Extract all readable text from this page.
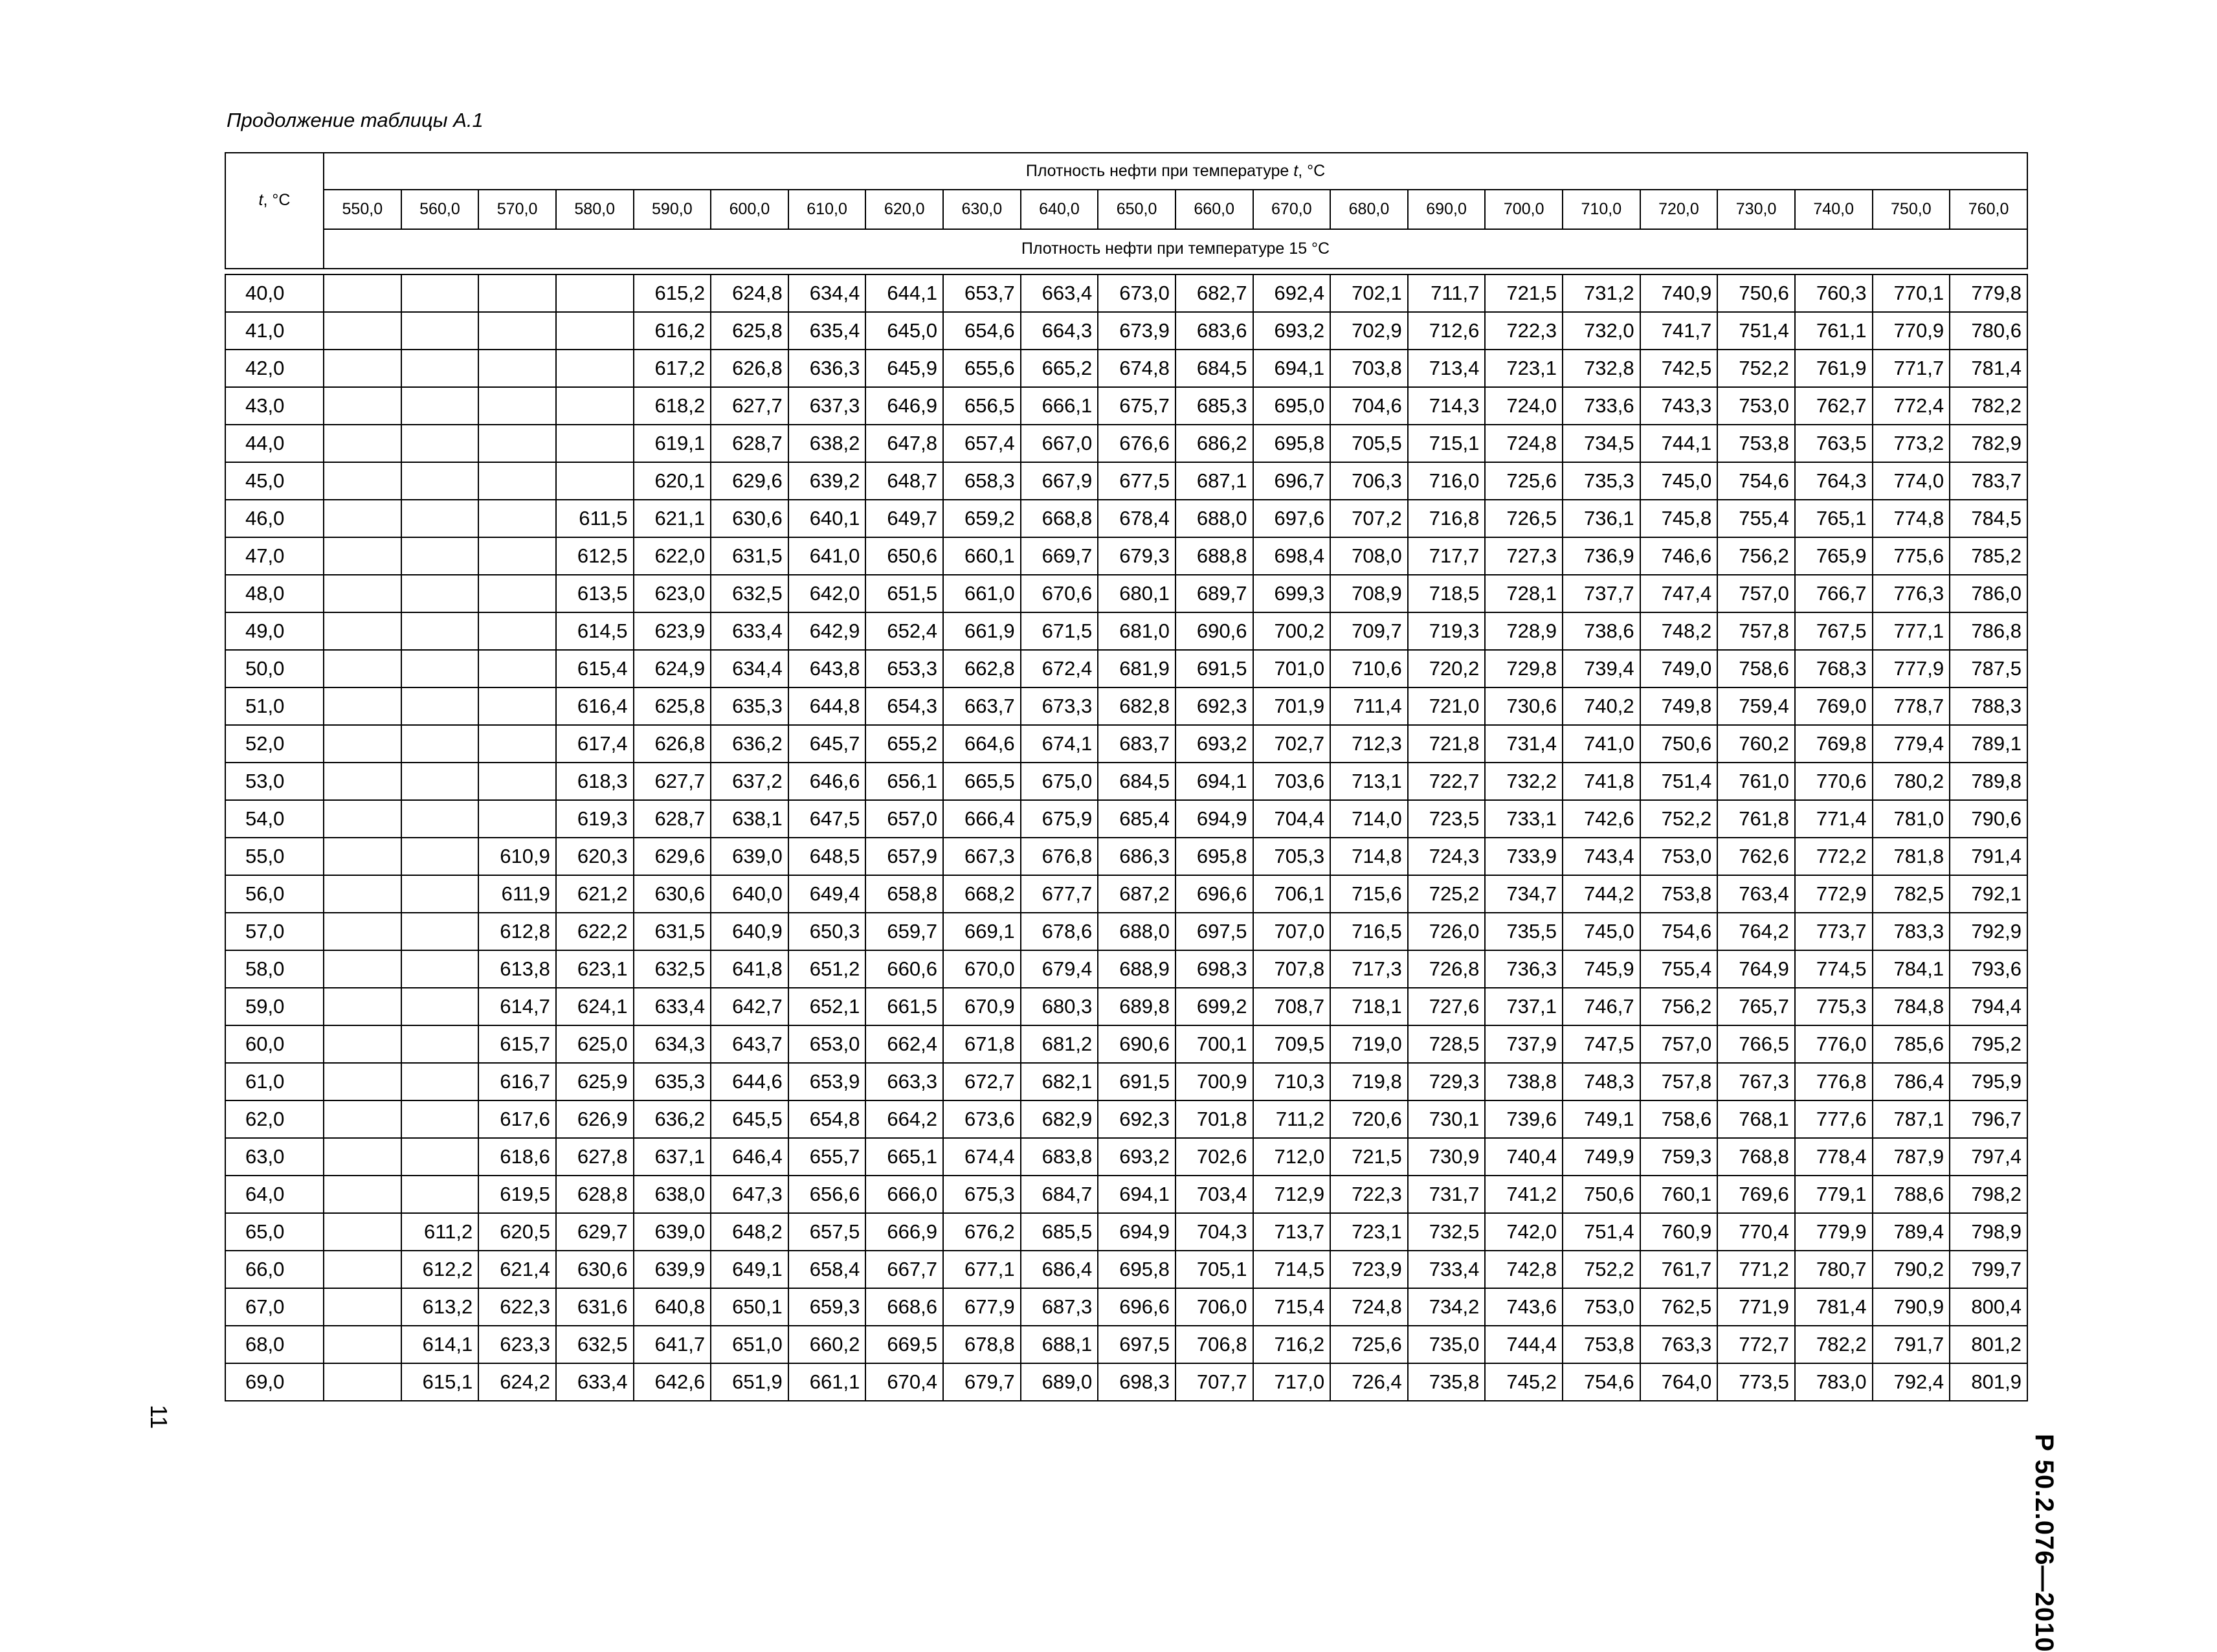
Продолжение таблицы А.1
t, °C	Плотность нефти при температуре t, °C																					
	550,0	560,0	570,0	580,0	590,0	600,0	610,0	620,0	630,0	640,0	650,0	660,0	670,0	680,0	690,0	700,0	710,0	720,0	730,0	740,0	750,0	760,0
	Плотность нефти при температуре 15 °C																					

40,0					615,2	624,8	634,4	644,1	653,7	663,4	673,0	682,7	692,4	702,1	711,7	721,5	731,2	740,9	750,6	760,3	770,1	779,8
41,0					616,2	625,8	635,4	645,0	654,6	664,3	673,9	683,6	693,2	702,9	712,6	722,3	732,0	741,7	751,4	761,1	770,9	780,6
42,0					617,2	626,8	636,3	645,9	655,6	665,2	674,8	684,5	694,1	703,8	713,4	723,1	732,8	742,5	752,2	761,9	771,7	781,4
43,0					618,2	627,7	637,3	646,9	656,5	666,1	675,7	685,3	695,0	704,6	714,3	724,0	733,6	743,3	753,0	762,7	772,4	782,2
44,0					619,1	628,7	638,2	647,8	657,4	667,0	676,6	686,2	695,8	705,5	715,1	724,8	734,5	744,1	753,8	763,5	773,2	782,9
45,0					620,1	629,6	639,2	648,7	658,3	667,9	677,5	687,1	696,7	706,3	716,0	725,6	735,3	745,0	754,6	764,3	774,0	783,7
46,0				611,5	621,1	630,6	640,1	649,7	659,2	668,8	678,4	688,0	697,6	707,2	716,8	726,5	736,1	745,8	755,4	765,1	774,8	784,5
47,0				612,5	622,0	631,5	641,0	650,6	660,1	669,7	679,3	688,8	698,4	708,0	717,7	727,3	736,9	746,6	756,2	765,9	775,6	785,2
48,0				613,5	623,0	632,5	642,0	651,5	661,0	670,6	680,1	689,7	699,3	708,9	718,5	728,1	737,7	747,4	757,0	766,7	776,3	786,0
49,0				614,5	623,9	633,4	642,9	652,4	661,9	671,5	681,0	690,6	700,2	709,7	719,3	728,9	738,6	748,2	757,8	767,5	777,1	786,8
50,0				615,4	624,9	634,4	643,8	653,3	662,8	672,4	681,9	691,5	701,0	710,6	720,2	729,8	739,4	749,0	758,6	768,3	777,9	787,5
51,0				616,4	625,8	635,3	644,8	654,3	663,7	673,3	682,8	692,3	701,9	711,4	721,0	730,6	740,2	749,8	759,4	769,0	778,7	788,3
52,0				617,4	626,8	636,2	645,7	655,2	664,6	674,1	683,7	693,2	702,7	712,3	721,8	731,4	741,0	750,6	760,2	769,8	779,4	789,1
53,0				618,3	627,7	637,2	646,6	656,1	665,5	675,0	684,5	694,1	703,6	713,1	722,7	732,2	741,8	751,4	761,0	770,6	780,2	789,8
54,0				619,3	628,7	638,1	647,5	657,0	666,4	675,9	685,4	694,9	704,4	714,0	723,5	733,1	742,6	752,2	761,8	771,4	781,0	790,6
55,0			610,9	620,3	629,6	639,0	648,5	657,9	667,3	676,8	686,3	695,8	705,3	714,8	724,3	733,9	743,4	753,0	762,6	772,2	781,8	791,4
56,0			611,9	621,2	630,6	640,0	649,4	658,8	668,2	677,7	687,2	696,6	706,1	715,6	725,2	734,7	744,2	753,8	763,4	772,9	782,5	792,1
57,0			612,8	622,2	631,5	640,9	650,3	659,7	669,1	678,6	688,0	697,5	707,0	716,5	726,0	735,5	745,0	754,6	764,2	773,7	783,3	792,9
58,0			613,8	623,1	632,5	641,8	651,2	660,6	670,0	679,4	688,9	698,3	707,8	717,3	726,8	736,3	745,9	755,4	764,9	774,5	784,1	793,6
59,0			614,7	624,1	633,4	642,7	652,1	661,5	670,9	680,3	689,8	699,2	708,7	718,1	727,6	737,1	746,7	756,2	765,7	775,3	784,8	794,4
60,0			615,7	625,0	634,3	643,7	653,0	662,4	671,8	681,2	690,6	700,1	709,5	719,0	728,5	737,9	747,5	757,0	766,5	776,0	785,6	795,2
61,0			616,7	625,9	635,3	644,6	653,9	663,3	672,7	682,1	691,5	700,9	710,3	719,8	729,3	738,8	748,3	757,8	767,3	776,8	786,4	795,9
62,0			617,6	626,9	636,2	645,5	654,8	664,2	673,6	682,9	692,3	701,8	711,2	720,6	730,1	739,6	749,1	758,6	768,1	777,6	787,1	796,7
63,0			618,6	627,8	637,1	646,4	655,7	665,1	674,4	683,8	693,2	702,6	712,0	721,5	730,9	740,4	749,9	759,3	768,8	778,4	787,9	797,4
64,0			619,5	628,8	638,0	647,3	656,6	666,0	675,3	684,7	694,1	703,4	712,9	722,3	731,7	741,2	750,6	760,1	769,6	779,1	788,6	798,2
65,0		611,2	620,5	629,7	639,0	648,2	657,5	666,9	676,2	685,5	694,9	704,3	713,7	723,1	732,5	742,0	751,4	760,9	770,4	779,9	789,4	798,9
66,0		612,2	621,4	630,6	639,9	649,1	658,4	667,7	677,1	686,4	695,8	705,1	714,5	723,9	733,4	742,8	752,2	761,7	771,2	780,7	790,2	799,7
67,0		613,2	622,3	631,6	640,8	650,1	659,3	668,6	677,9	687,3	696,6	706,0	715,4	724,8	734,2	743,6	753,0	762,5	771,9	781,4	790,9	800,4
68,0		614,1	623,3	632,5	641,7	651,0	660,2	669,5	678,8	688,1	697,5	706,8	716,2	725,6	735,0	744,4	753,8	763,3	772,7	782,2	791,7	801,2
69,0		615,1	624,2	633,4	642,6	651,9	661,1	670,4	679,7	689,0	698,3	707,7	717,0	726,4	735,8	745,2	754,6	764,0	773,5	783,0	792,4	801,9
Р 50.2.076—2010
11
